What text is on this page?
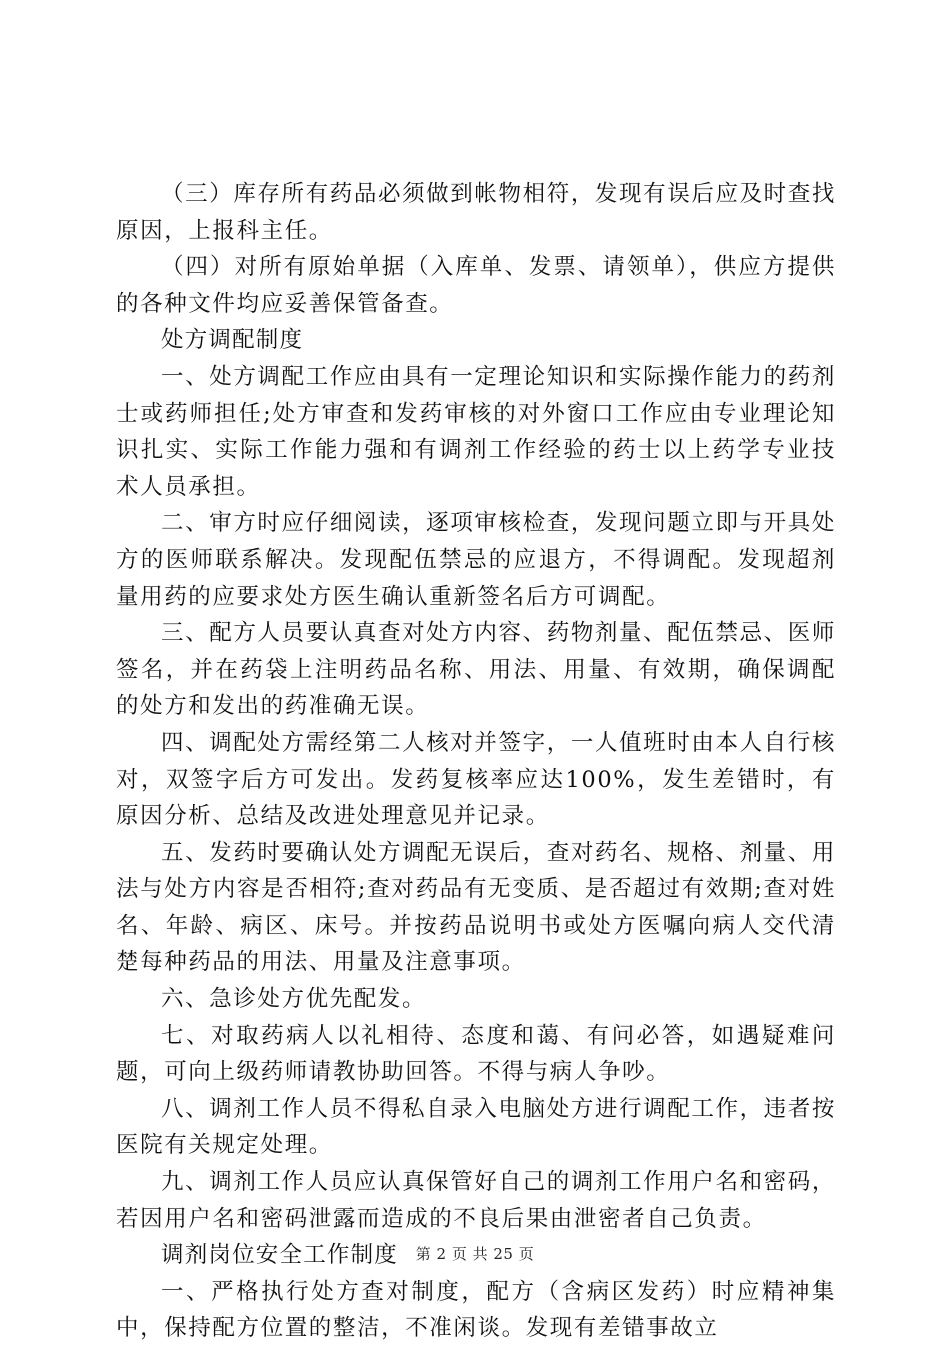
（三）库存所有药品必须做到帐物相符，发现有误后应及时查找原因，上报科主任。

（四）对所有原始单据（入库单、发票、请领单），供应方提供的各种文件均应妥善保管备查。

处方调配制度

一、处方调配工作应由具有一定理论知识和实际操作能力的药剂士或药师担任;处方审查和发药审核的对外窗口工作应由专业理论知识扎实、实际工作能力强和有调剂工作经验的药士以上药学专业技术人员承担。

二、审方时应仔细阅读，逐项审核检查，发现问题立即与开具处方的医师联系解决。发现配伍禁忌的应退方，不得调配。发现超剂量用药的应要求处方医生确认重新签名后方可调配。

三、配方人员要认真查对处方内容、药物剂量、配伍禁忌、医师签名，并在药袋上注明药品名称、用法、用量、有效期，确保调配的处方和发出的药准确无误。

四、调配处方需经第二人核对并签字，一人值班时由本人自行核对，双签字后方可发出。发药复核率应达100%，发生差错时，有原因分析、总结及改进处理意见并记录。

五、发药时要确认处方调配无误后，查对药名、规格、剂量、用法与处方内容是否相符;查对药品有无变质、是否超过有效期;查对姓名、年龄、病区、床号。并按药品说明书或处方医嘱向病人交代清楚每种药品的用法、用量及注意事项。

六、急诊处方优先配发。

七、对取药病人以礼相待、态度和蔼、有问必答，如遇疑难问题，可向上级药师请教协助回答。不得与病人争吵。

八、调剂工作人员不得私自录入电脑处方进行调配工作，违者按医院有关规定处理。

九、调剂工作人员应认真保管好自己的调剂工作用户名和密码，若因用户名和密码泄露而造成的不良后果由泄密者自己负责。

调剂岗位安全工作制度

一、严格执行处方查对制度，配方（含病区发药）时应精神集中，保持配方位置的整洁，不准闲谈。发现有差错事故立

第 2 页 共 25 页
